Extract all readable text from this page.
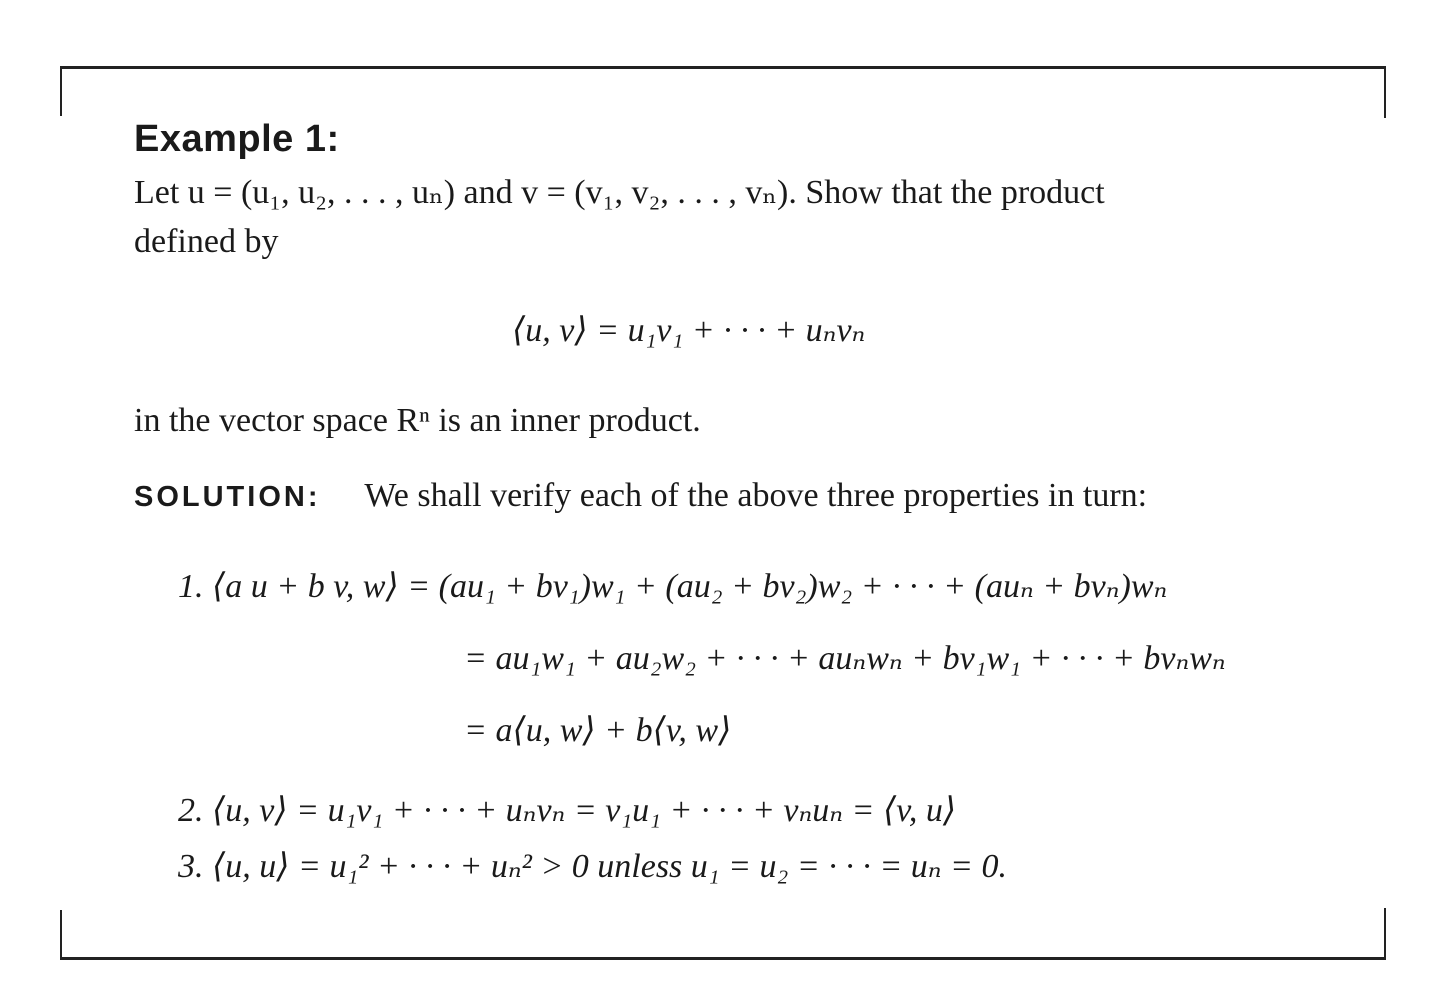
Example 1:
Let u = (u₁, u₂, . . . , uₙ) and v = (v₁, v₂, . . . , vₙ). Show that the product
defined by
⟨u, v⟩ = u₁v₁ + · · · + uₙvₙ
in the vector space Rⁿ is an inner product.
SOLUTION: We shall verify each of the above three properties in turn:
1. ⟨a u + b v, w⟩ = (au₁ + bv₁)w₁ + (au₂ + bv₂)w₂ + · · · + (auₙ + bvₙ)wₙ
= au₁w₁ + au₂w₂ + · · · + auₙwₙ + bv₁w₁ + · · · + bvₙwₙ
= a⟨u, w⟩ + b⟨v, w⟩
2. ⟨u, v⟩ = u₁v₁ + · · · + uₙvₙ = v₁u₁ + · · · + vₙuₙ = ⟨v, u⟩
3. ⟨u, u⟩ = u₁² + · · · + uₙ² > 0 unless u₁ = u₂ = · · · = uₙ = 0.
